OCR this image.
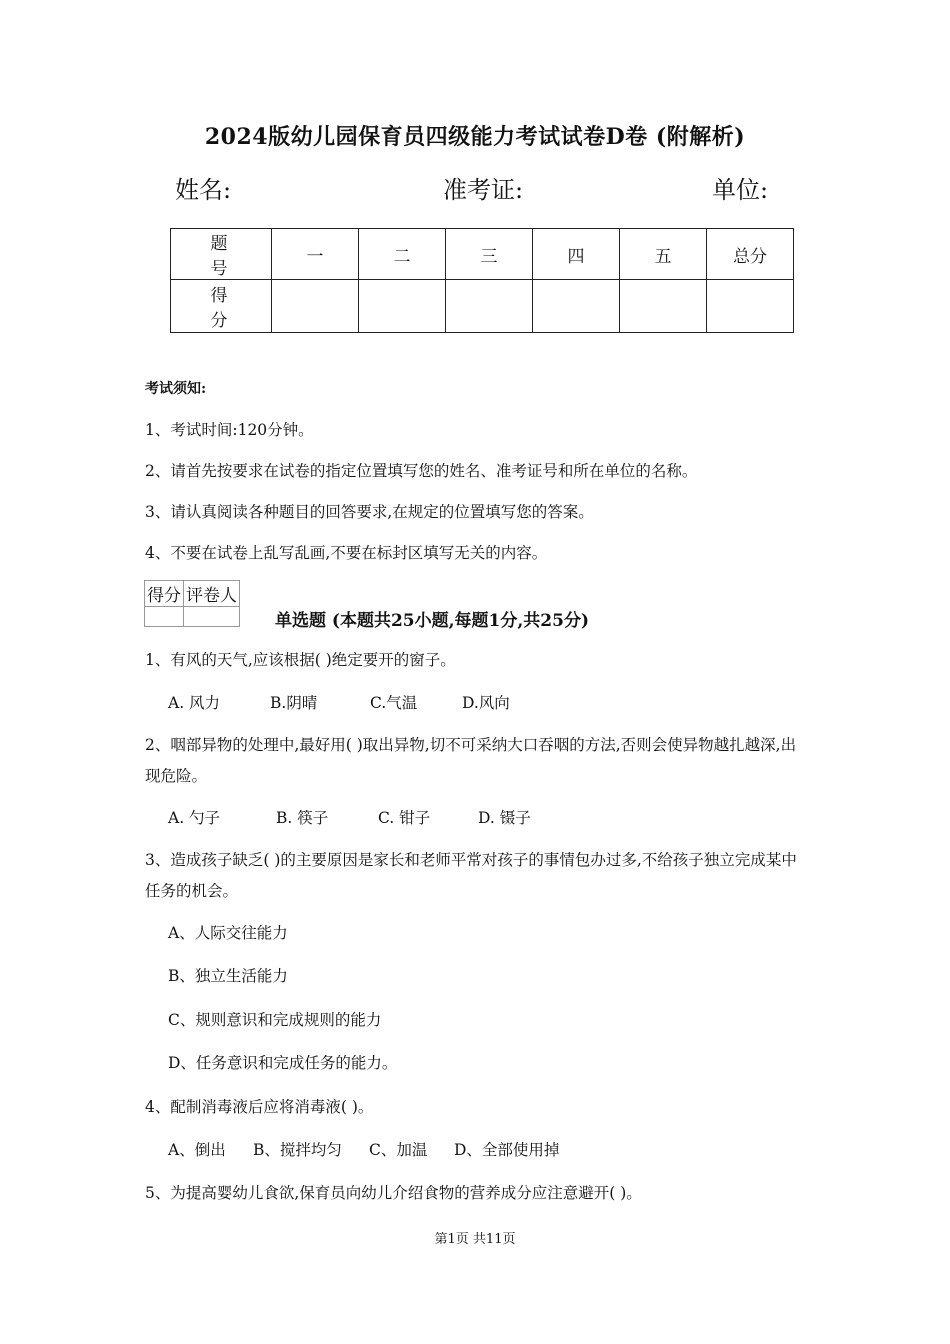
2024版幼儿园保育员四级能力考试试卷D卷 (附解析)
姓名:	准考证:	单位:
题 号	一	二	三	四	五	总分
得 分						
考试须知:
1、考试时间:120分钟。
2、请首先按要求在试卷的指定位置填写您的姓名、准考证号和所在单位的名称。
3、请认真阅读各种题目的回答要求,在规定的位置填写您的答案。
4、不要在试卷上乱写乱画,不要在标封区填写无关的内容。
得分	评卷人

单选题 (本题共25小题,每题1分,共25分)
1、有风的天气,应该根据( )绝定要开的窗子。
A. 风力	B.阴晴	C.气温	D.风向
2、咽部异物的处理中,最好用( )取出异物,切不可采纳大口吞咽的方法,否则会使异物越扎越深,出现危险。
A. 勺子	B. 筷子	C. 钳子	D. 镊子
3、造成孩子缺乏( )的主要原因是家长和老师平常对孩子的事情包办过多,不给孩子独立完成某中任务的机会。
A、人际交往能力
B、独立生活能力
C、规则意识和完成规则的能力
D、任务意识和完成任务的能力。
4、配制消毒液后应将消毒液( )。
A、倒出 B、搅拌均匀 C、加温 D、全部使用掉
5、为提高婴幼儿食欲,保育员向幼儿介绍食物的营养成分应注意避开( )。
第1页 共11页
